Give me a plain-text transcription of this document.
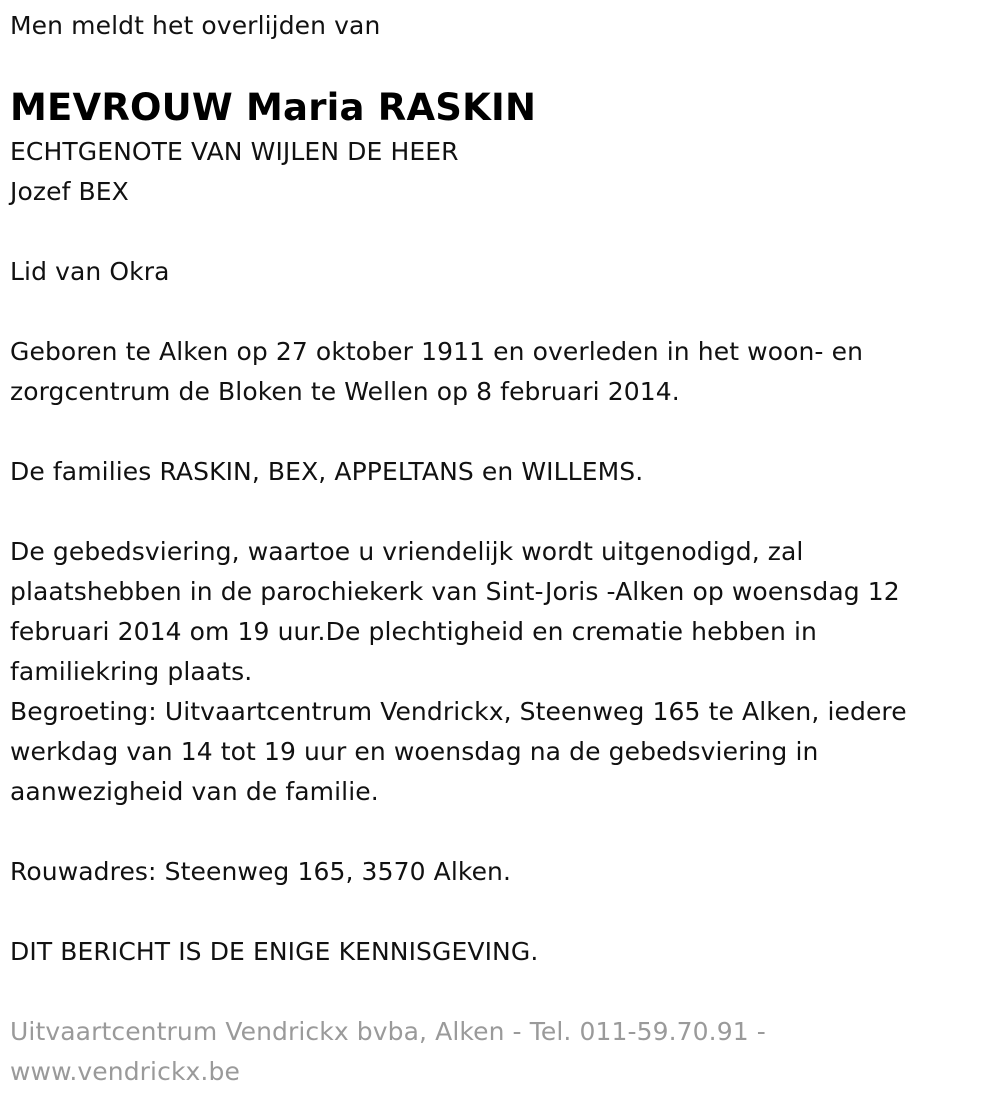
Men meldt het overlijden van
MEVROUW Maria RASKIN
ECHTGENOTE VAN WIJLEN DE HEER
Jozef BEX
Lid van Okra
Geboren te Alken op 27 oktober 1911 en overleden in het woon- en
zorgcentrum de Bloken te Wellen op 8 februari 2014.
De families RASKIN, BEX, APPELTANS en WILLEMS.
De gebedsviering, waartoe u vriendelijk wordt uitgenodigd, zal
plaatshebben in de parochiekerk van Sint-Joris -Alken op woensdag 12
februari 2014 om 19 uur.De plechtigheid en crematie hebben in
familiekring plaats.
Begroeting: Uitvaartcentrum Vendrickx, Steenweg 165 te Alken, iedere
werkdag van 14 tot 19 uur en woensdag na de gebedsviering in
aanwezigheid van de familie.
Rouwadres: Steenweg 165, 3570 Alken.
DIT BERICHT IS DE ENIGE KENNISGEVING.
Uitvaartcentrum Vendrickx bvba, Alken - Tel. 011-59.70.91 -
www.vendrickx.be
